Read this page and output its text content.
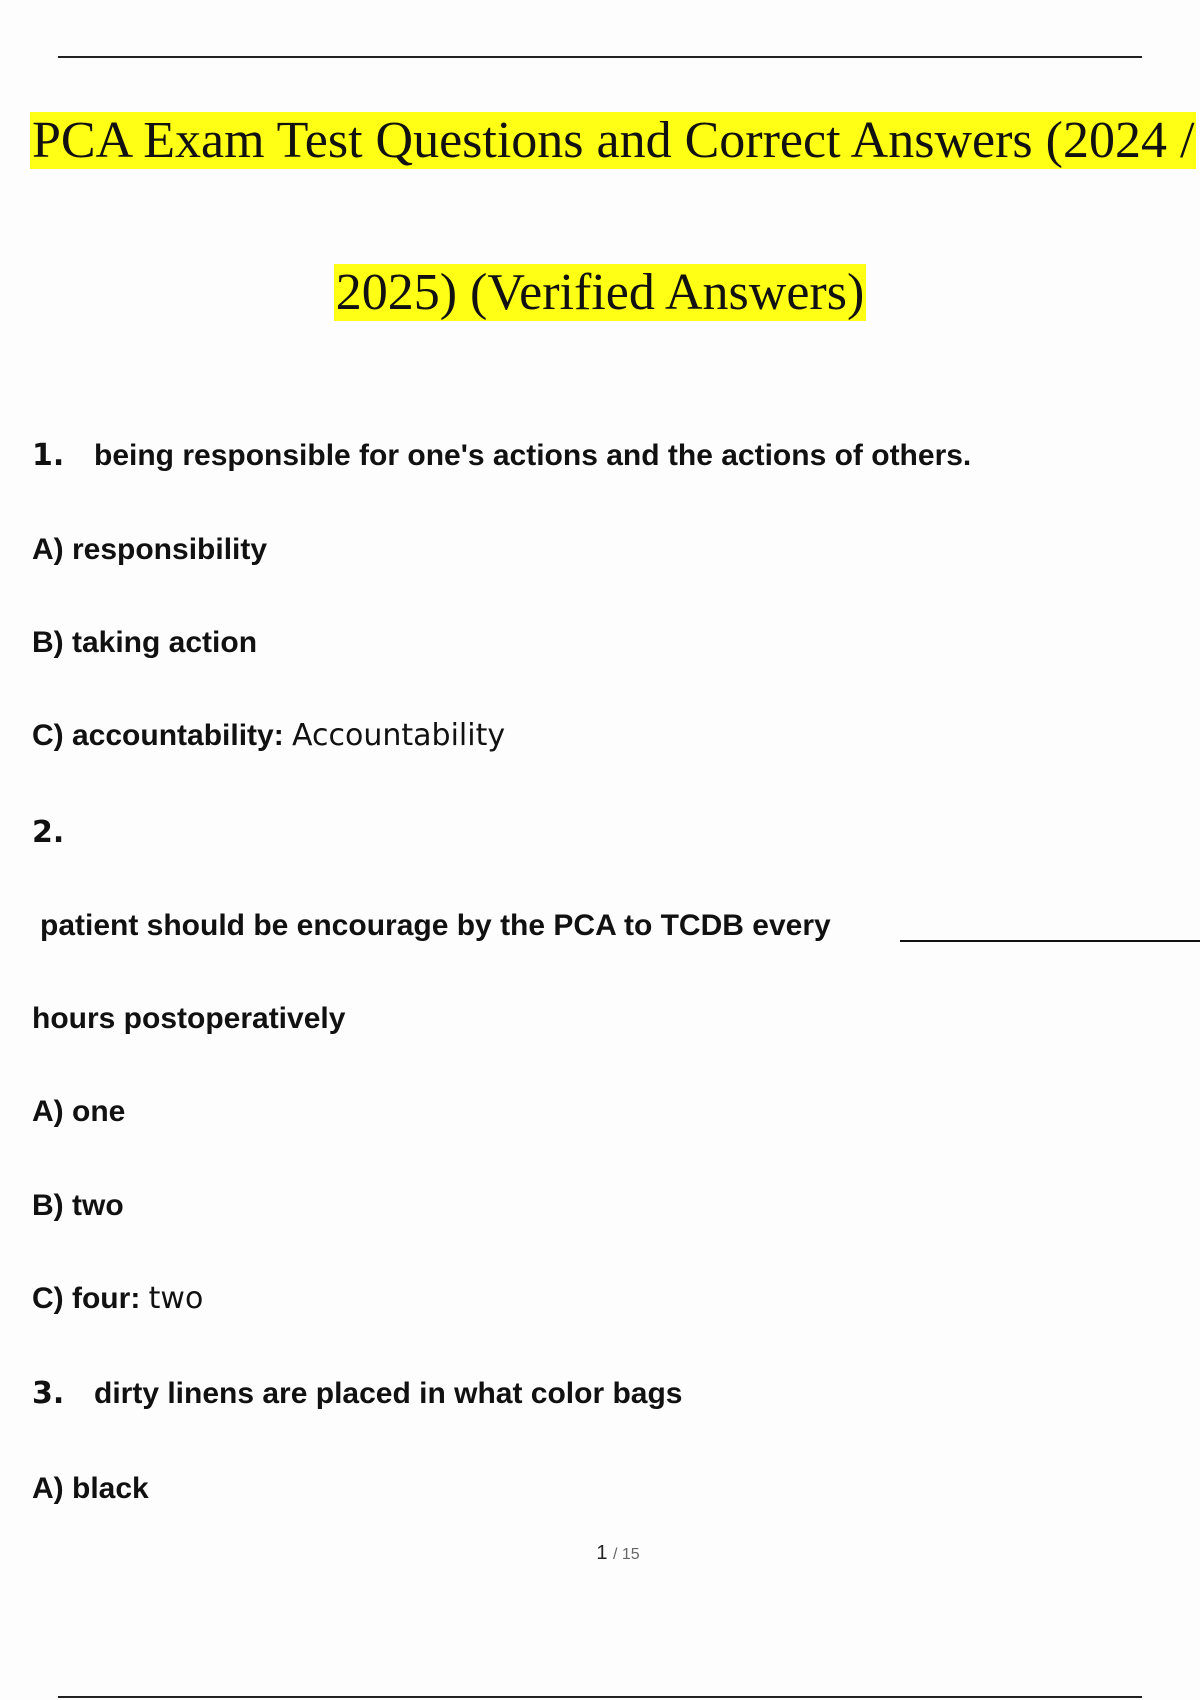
PCA Exam Test Questions and Correct Answers (2024 /
2025) (Verified Answers)
1. being responsible for one's actions and the actions of others.
A) responsibility
B) taking action
C) accountability: Accountability
2.
patient should be encourage by the PCA to TCDB every
hours postoperatively
A) one
B) two
C) four: two
3. dirty linens are placed in what color bags
A) black
1 / 15
